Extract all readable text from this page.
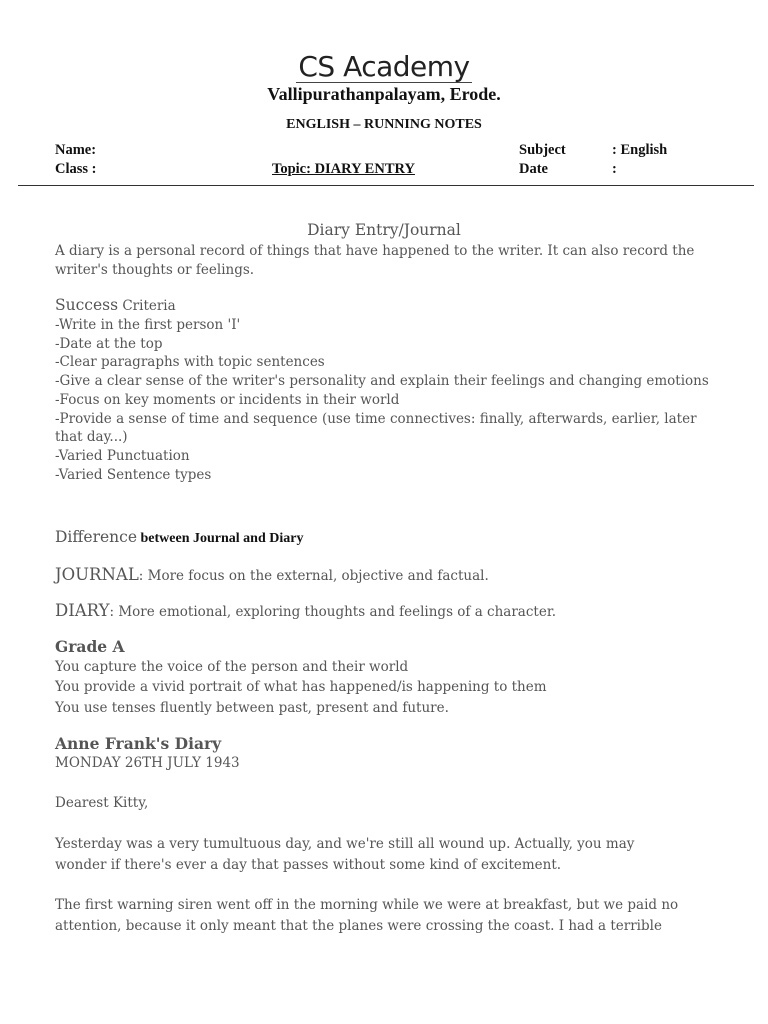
CS Academy
Vallipurathanpalayam, Erode.
ENGLISH – RUNNING NOTES
Name:
Class :	Topic: DIARY ENTRY
Subject	: English
Date	:
Diary Entry/Journal
A diary is a personal record of things that have happened to the writer. It can also record the
writer's thoughts or feelings.
Success Criteria
-Write in the first person 'I'
-Date at the top
-Clear paragraphs with topic sentences
-Give a clear sense of the writer's personality and explain their feelings and changing emotions
-Focus on key moments or incidents in their world
-Provide a sense of time and sequence (use time connectives: finally, afterwards, earlier, later
that day...)
-Varied Punctuation
-Varied Sentence types
Difference between Journal and Diary
JOURNAL: More focus on the external, objective and factual.
DIARY: More emotional, exploring thoughts and feelings of a character.
Grade A
You capture the voice of the person and their world
You provide a vivid portrait of what has happened/is happening to them
You use tenses fluently between past, present and future.
Anne Frank's Diary
MONDAY 26TH JULY 1943
Dearest Kitty,
Yesterday was a very tumultuous day, and we're still all wound up. Actually, you may
wonder if there's ever a day that passes without some kind of excitement.
The first warning siren went off in the morning while we were at breakfast, but we paid no
attention, because it only meant that the planes were crossing the coast. I had a terrible
